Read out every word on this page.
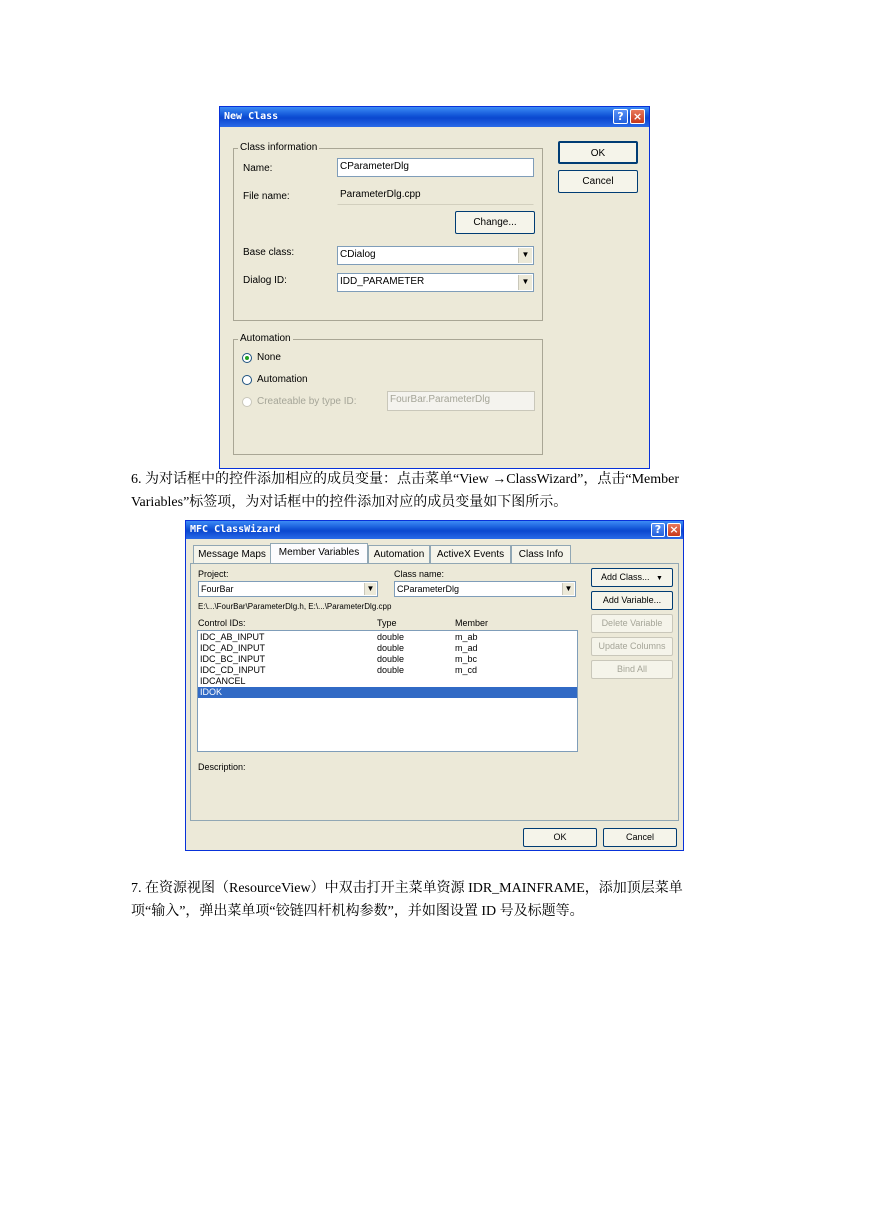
New Class	? ×
Class information
Name:	CParameterDlg
File name:	ParameterDlg.cpp
Change...
Base class:	CDialog	▼
Dialog ID:	IDD_PARAMETER	▼
OK
Cancel
Automation
None
Automation
Createable by type ID:	FourBar.ParameterDlg
6. 为对话框中的控件添加相应的成员变量：点击菜单“View →ClassWizard”，点击“Member
Variables”标签项，为对话框中的控件添加对应的成员变量如下图所示。
MFC ClassWizard	? ×
Message Maps	Member Variables	Automation	ActiveX Events	Class Info
Project:
FourBar	▼
Class name:
CParameterDlg	▼
E:\...\FourBar\ParameterDlg.h, E:\...\ParameterDlg.cpp
Control IDs:	Type	Member
IDC_AB_INPUT	double	m_ab
IDC_AD_INPUT	double	m_ad
IDC_BC_INPUT	double	m_bc
IDC_CD_INPUT	double	m_cd
IDCANCEL
IDOK
Description:
Add Class... ▼
Add Variable...
Delete Variable
Update Columns
Bind All
OK	Cancel
7. 在资源视图（ResourceView）中双击打开主菜单资源 IDR_MAINFRAME，添加顶层菜单
项“输入”，弹出菜单项“铰链四杆机构参数”，并如图设置 ID 号及标题等。
